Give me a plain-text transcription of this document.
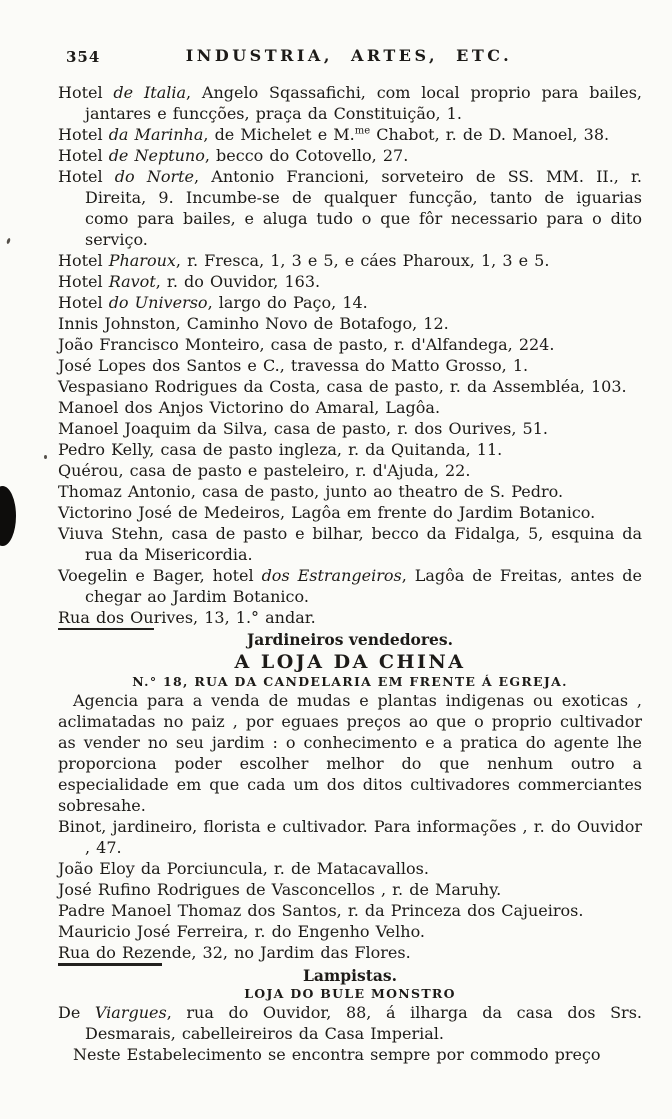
354	INDUSTRIA, ARTES, ETC.

Hotel de Italia, Angelo Sqassafichi, com local proprio para bailes, jantares e funcções, praça da Constituição, 1.

Hotel da Marinha, de Michelet e M.$^{me}$ Chabot, r. de D. Manoel, 38.

Hotel de Neptuno, becco do Cotovello, 27.

Hotel do Norte, Antonio Francioni, sorveteiro de SS. MM. II., r. Direita, 9. Incumbe-se de qualquer funcção, tanto de iguarias como para bailes, e aluga tudo o que fôr necessario para o dito serviço.

Hotel Pharoux, r. Fresca, 1, 3 e 5, e cáes Pharoux, 1, 3 e 5.

Hotel Ravot, r. do Ouvidor, 163.

Hotel do Universo, largo do Paço, 14.

Innis Johnston, Caminho Novo de Botafogo, 12.

João Francisco Monteiro, casa de pasto, r. d'Alfandega, 224.

José Lopes dos Santos e C., travessa do Matto Grosso, 1.

Vespasiano Rodrigues da Costa, casa de pasto, r. da Assembléa, 103.

Manoel dos Anjos Victorino do Amaral, Lagôa.

Manoel Joaquim da Silva, casa de pasto, r. dos Ourives, 51.

Pedro Kelly, casa de pasto ingleza, r. da Quitanda, 11.

Quérou, casa de pasto e pasteleiro, r. d'Ajuda, 22.

Thomaz Antonio, casa de pasto, junto ao theatro de S. Pedro.

Victorino José de Medeiros, Lagôa em frente do Jardim Botanico.

Viuva Stehn, casa de pasto e bilhar, becco da Fidalga, 5, esquina da rua da Misericordia.

Voegelin e Bager, hotel dos Estrangeiros, Lagôa de Freitas, antes de chegar ao Jardim Botanico.

Rua dos Ourives, 13, 1.° andar.

Jardineiros vendedores.
A LOJA DA CHINA
N.° 18, RUA DA CANDELARIA EM FRENTE Á EGREJA.

Agencia para a venda de mudas e plantas indigenas ou exoticas , aclimatadas no paiz , por eguaes preços ao que o proprio cultivador as vender no seu jardim : o conhecimento e a pratica do agente lhe proporciona poder escolher melhor do que nenhum outro a especialidade em que cada um dos ditos cultivadores commerciantes sobresahe.

Binot, jardineiro, florista e cultivador. Para informações , r. do Ouvidor , 47.

João Eloy da Porciuncula, r. de Matacavallos.

José Rufino Rodrigues de Vasconcellos , r. de Maruhy.

Padre Manoel Thomaz dos Santos, r. da Princeza dos Cajueiros.

Mauricio José Ferreira, r. do Engenho Velho.

Rua do Rezende, 32, no Jardim das Flores.

Lampistas.
LOJA DO BULE MONSTRO

De Viargues, rua do Ouvidor, 88, á ilharga da casa dos Srs. Desmarais, cabelleireiros da Casa Imperial.

Neste Estabelecimento se encontra sempre por commodo preço
